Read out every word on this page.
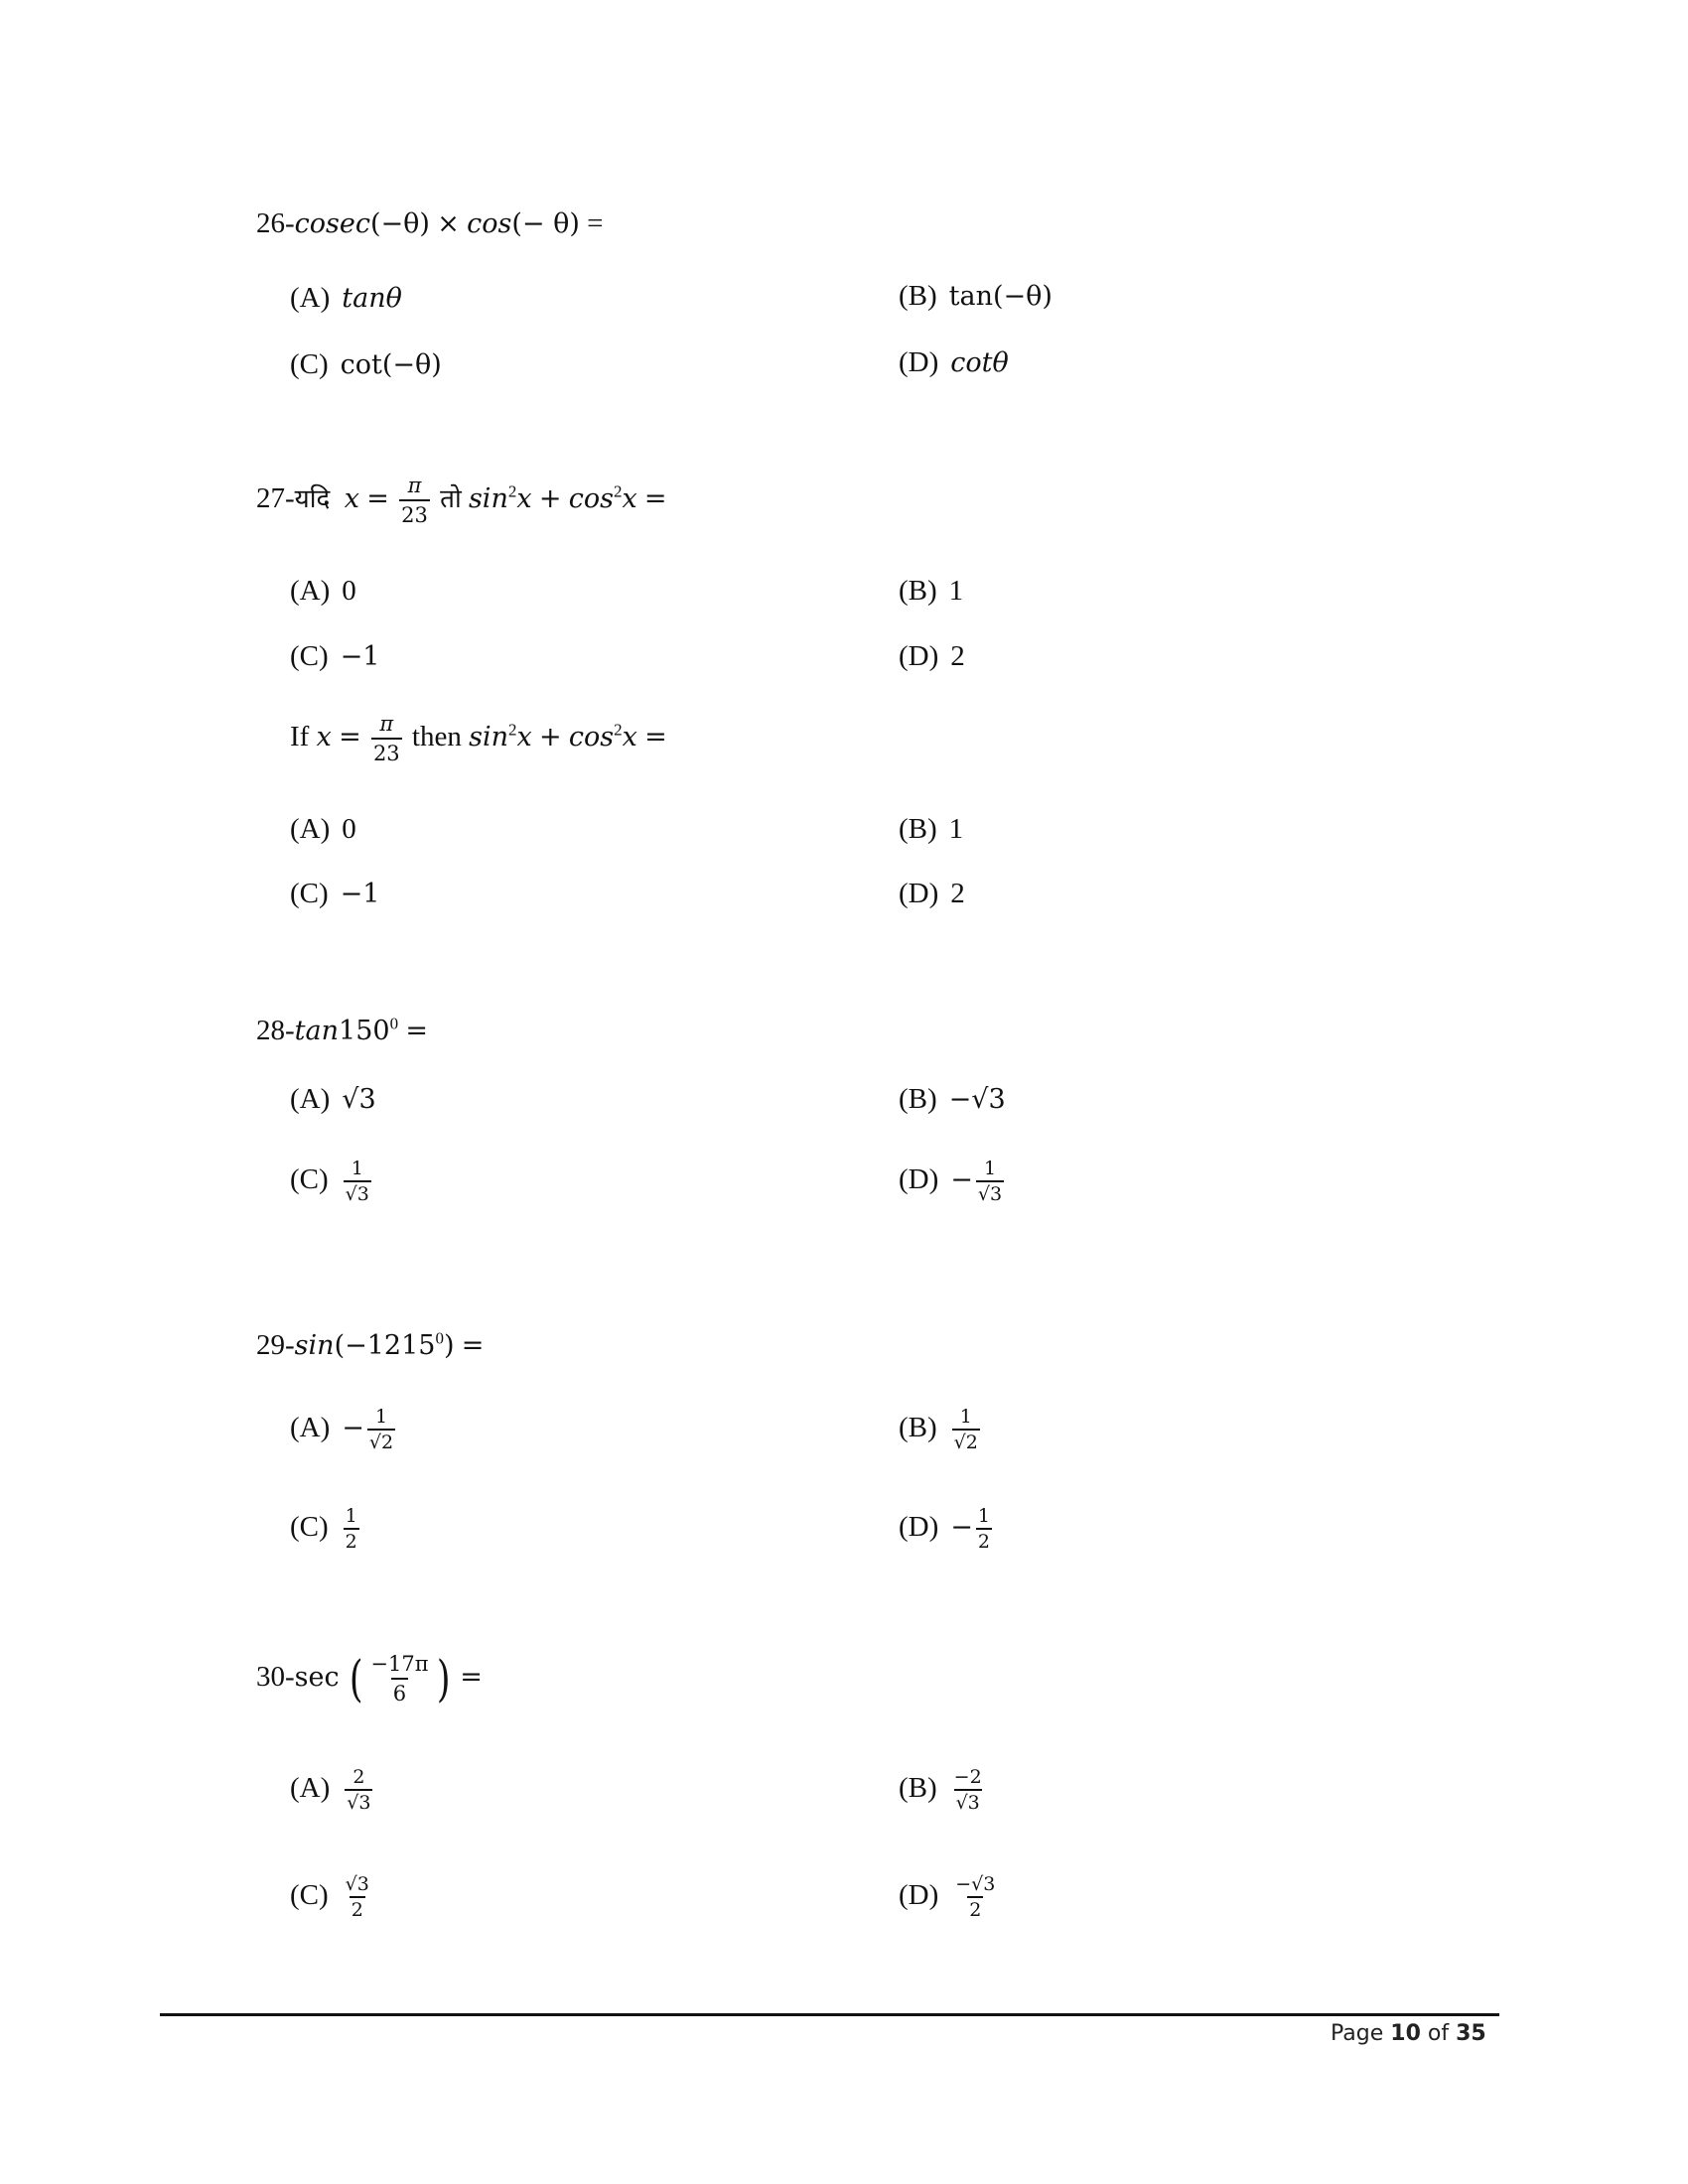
26-cosec(−θ) × cos(− θ) =
(A) tanθ	(B) tan(−θ)
(C) cot(−θ)	(D) cotθ
27-यदि $x = \frac{\pi}{23}$ तो $\sin^2x + \cos^2x$ =
(A) 0	(B) 1
(C) −1	(D) 2
If $x = \frac{\pi}{23}$ then $\sin^2x + \cos^2x$ =
(A) 0	(B) 1
(C) −1	(D) 2
$28-\tan 150^0$ =
(A) √3	(B) −√3
$(C) \frac{1}{√3}$	$(D) - \frac{1}{√3}$
$29-\sin(-1215^0)$ =
$(A) - \frac{1}{√2}$	$(B) \frac{1}{√2}$
$(C) \frac{1}{2}$	$(D) - \frac{1}{2}$
30-sec ( $\frac{-17\pi}{6}$ ) =
$(A) \frac{2}{√3}$	$(B) \frac{-2}{√3}$
$(C) \frac{√3}{2}$	$(D) \frac{-√3}{2}$
Page 10 of 35
